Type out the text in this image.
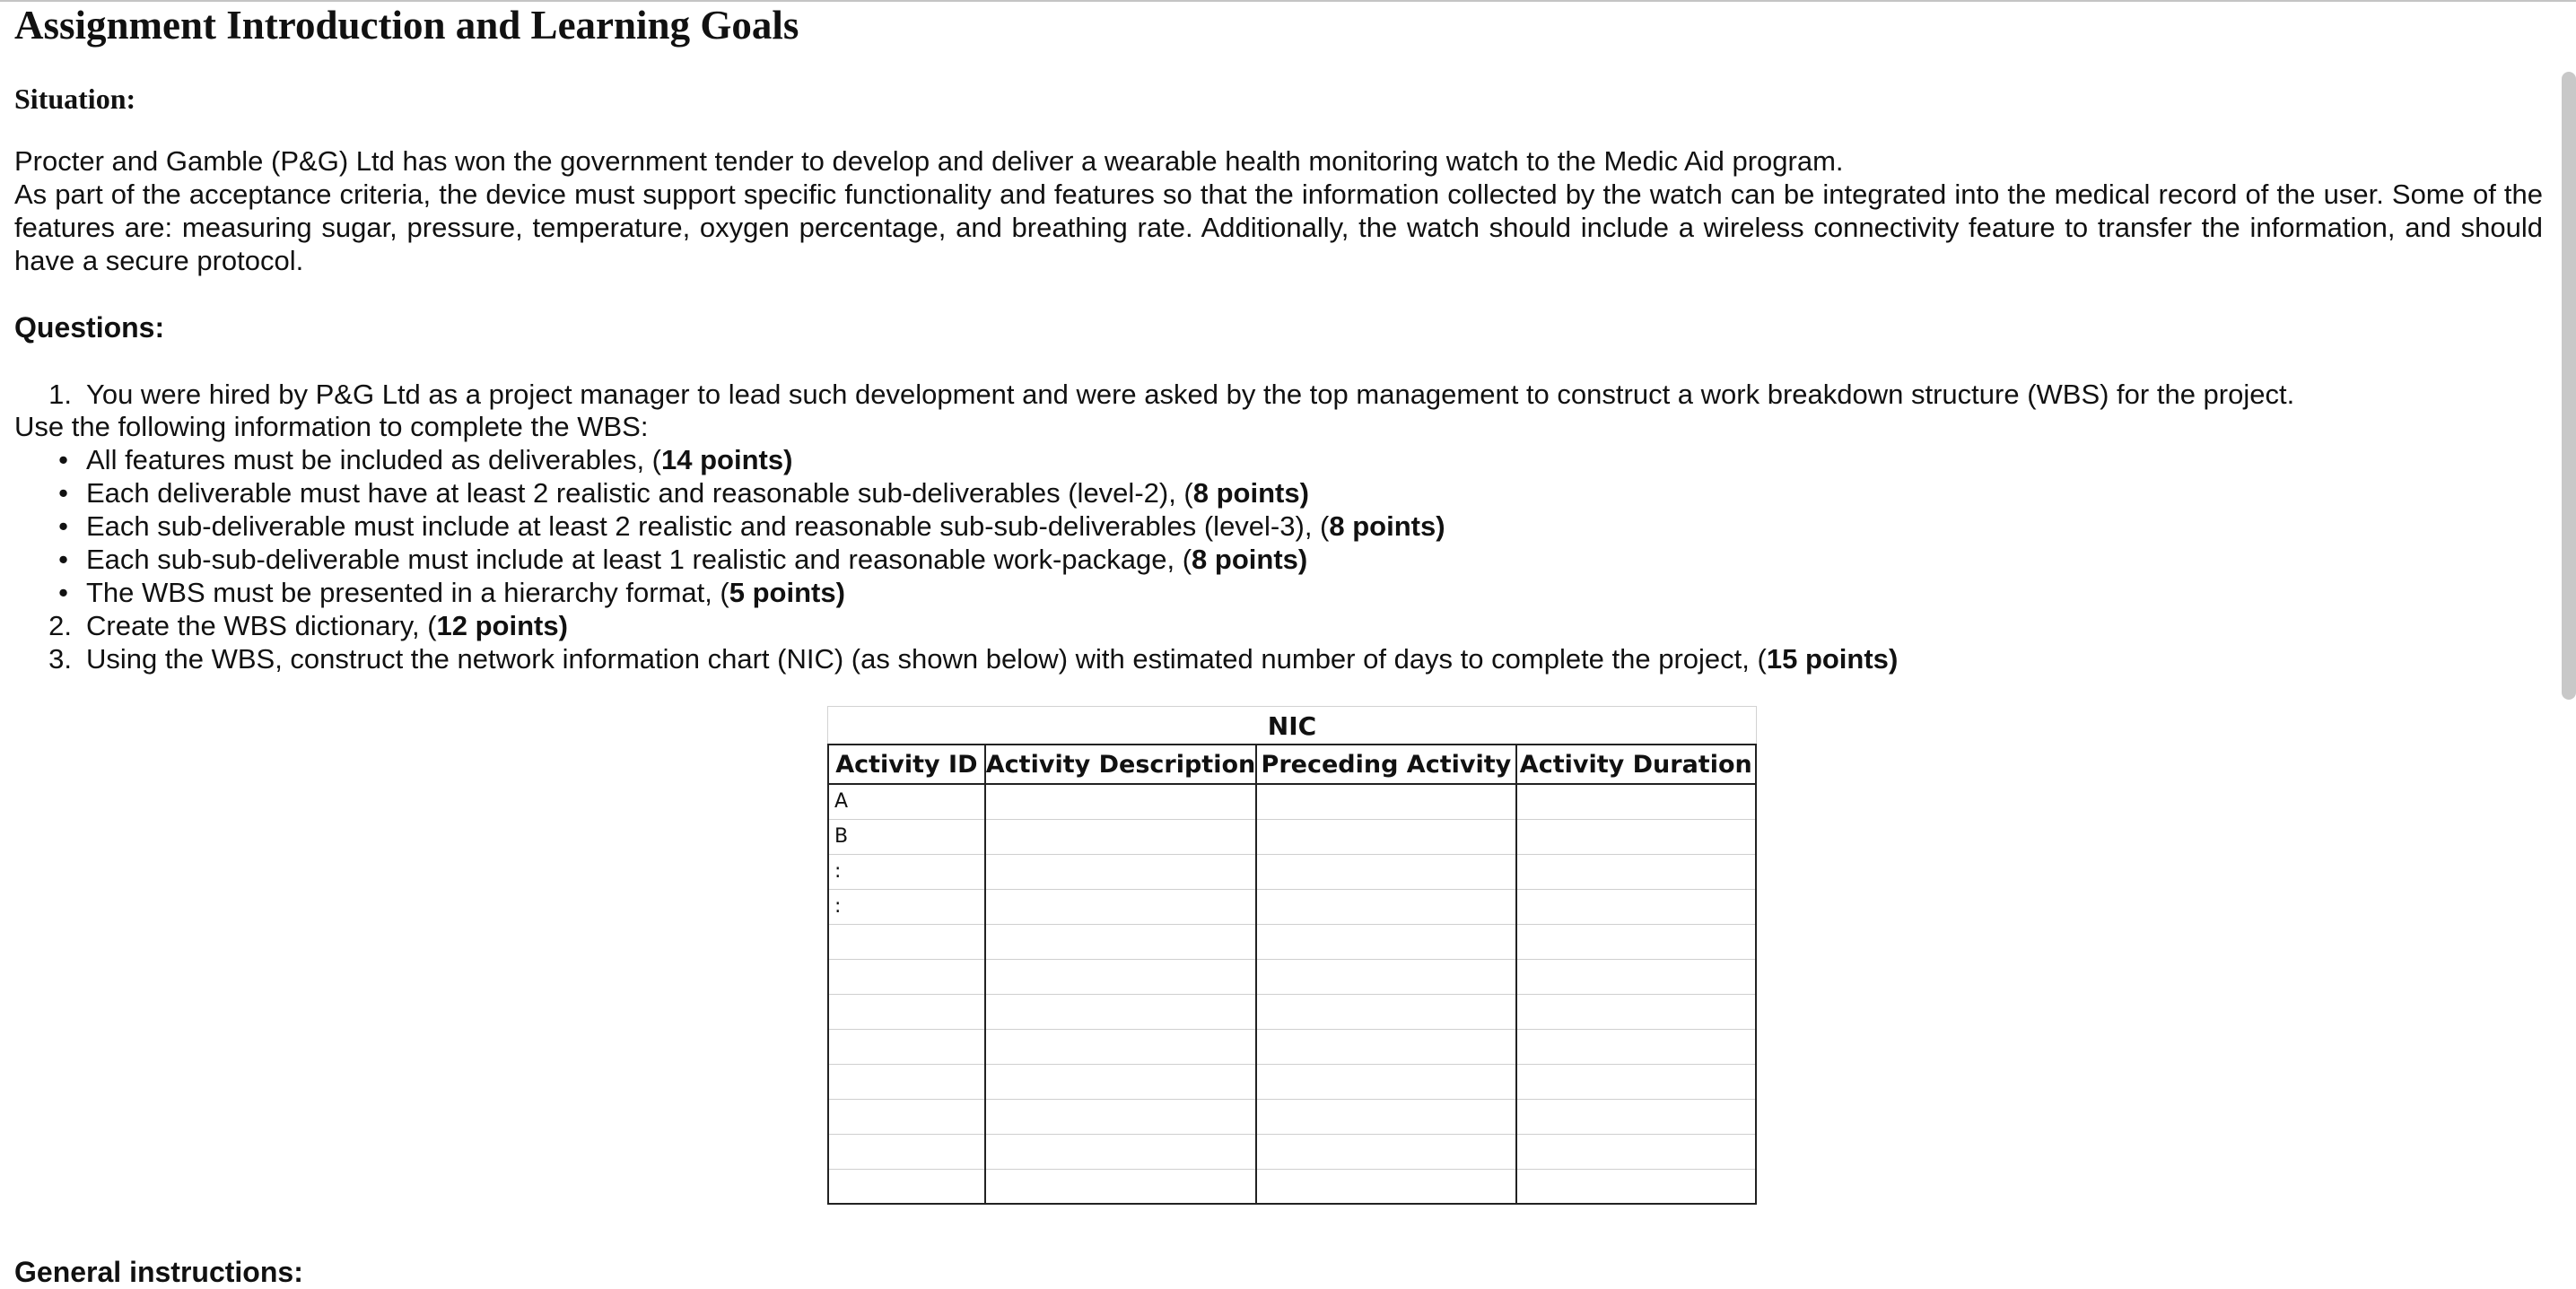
Assignment Introduction and Learning Goals
Situation:

Procter and Gamble (P&G) Ltd has won the government tender to develop and deliver a wearable health monitoring watch to the Medic Aid program.

As part of the acceptance criteria, the device must support specific functionality and features so that the information collected by the watch can be integrated into the medical record of the user. Some of the features are: measuring sugar, pressure, temperature, oxygen percentage, and breathing rate. Additionally, the watch should include a wireless connectivity feature to transfer the information, and should have a secure protocol.

Questions:
1. You were hired by P&G Ltd as a project manager to lead such development and were asked by the top management to construct a work breakdown structure (WBS) for the project.
Use the following information to complete the WBS:
• All features must be included as deliverables, (14 points)
• Each deliverable must have at least 2 realistic and reasonable sub-deliverables (level-2), (8 points)
• Each sub-deliverable must include at least 2 realistic and reasonable sub-sub-deliverables (level-3), (8 points)
• Each sub-sub-deliverable must include at least 1 realistic and reasonable work-package, (8 points)
• The WBS must be presented in a hierarchy format, (5 points)
2. Create the WBS dictionary, (12 points)
3. Using the WBS, construct the network information chart (NIC) (as shown below) with estimated number of days to complete the project, (15 points)
NIC
Activity ID	Activity Description	Preceding Activity	Activity Duration
A			
B			
:			
:			

General instructions:
